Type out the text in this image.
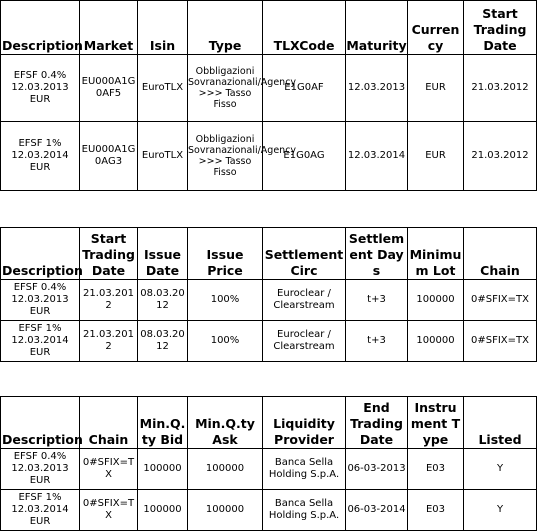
Description	Market	Isin	Type	TLXCode	Maturity	Currency	Start Trading Date
EFSF 0.4% 12.03.2013 EUR	EU000A1G0AF5	EuroTLX	Obbligazioni Sovranazionali/Agency >>> Tasso Fisso	E1G0AF	12.03.2013	EUR	21.03.2012
EFSF 1% 12.03.2014 EUR	EU000A1G0AG3	EuroTLX	Obbligazioni Sovranazionali/Agency >>> Tasso Fisso	E1G0AG	12.03.2014	EUR	21.03.2012
Description	Start Trading Date	Issue Date	Issue Price	Settlement Circ	Settlement Days	Minimum Lot	Chain
EFSF 0.4% 12.03.2013 EUR	21.03.2012	08.03.2012	100%	Euroclear / Clearstream	t+3	100000	0#SFIX=TX
EFSF 1% 12.03.2014 EUR	21.03.2012	08.03.2012	100%	Euroclear / Clearstream	t+3	100000	0#SFIX=TX
Description	Chain	Min.Q.ty Bid	Min.Q.ty Ask	Liquidity Provider	End Trading Date	Instrument Type	Listed
EFSF 0.4% 12.03.2013 EUR	0#SFIX=TX	100000	100000	Banca Sella Holding S.p.A.	06-03-2013	E03	Y
EFSF 1% 12.03.2014 EUR	0#SFIX=TX	100000	100000	Banca Sella Holding S.p.A.	06-03-2014	E03	Y
